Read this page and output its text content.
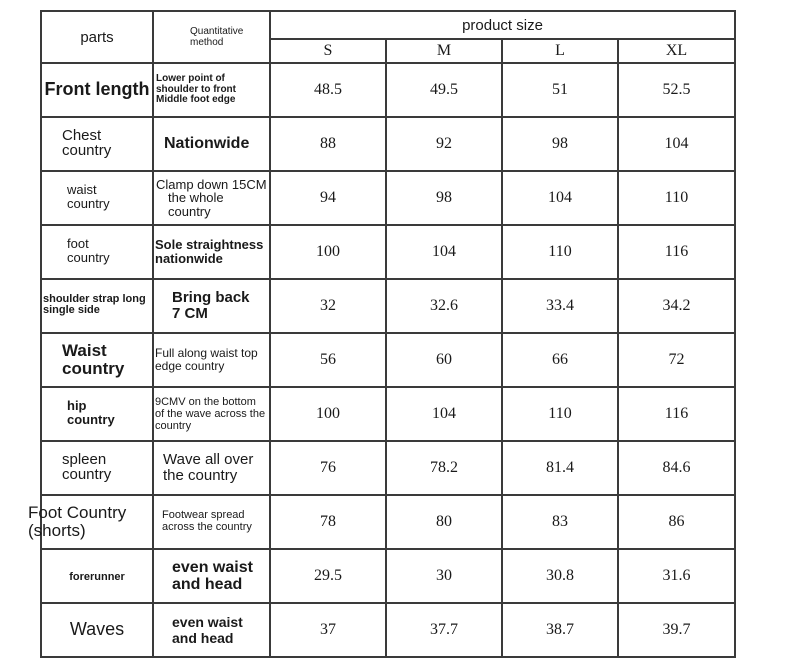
parts	Quantitative method	product size			
		S	M	L	XL
Front length	Lower point of shoulder to front Middle foot edge	48.5	49.5	51	52.5
Chest country	Nationwide	88	92	98	104
waist country	Clamp down 15CM the whole country	94	98	104	110
foot country	Sole straightness nationwide	100	104	110	116
shoulder strap long single side	Bring back 7 CM	32	32.6	33.4	34.2
Waist country	Full along waist top edge country	56	60	66	72
hip country	9CMV on the bottom of the wave across the country	100	104	110	116
spleen country	Wave all over the country	76	78.2	81.4	84.6
Foot Country (shorts)	Footwear spread across the country	78	80	83	86
forerunner	even waist and head	29.5	30	30.8	31.6
Waves	even waist and head	37	37.7	38.7	39.7
